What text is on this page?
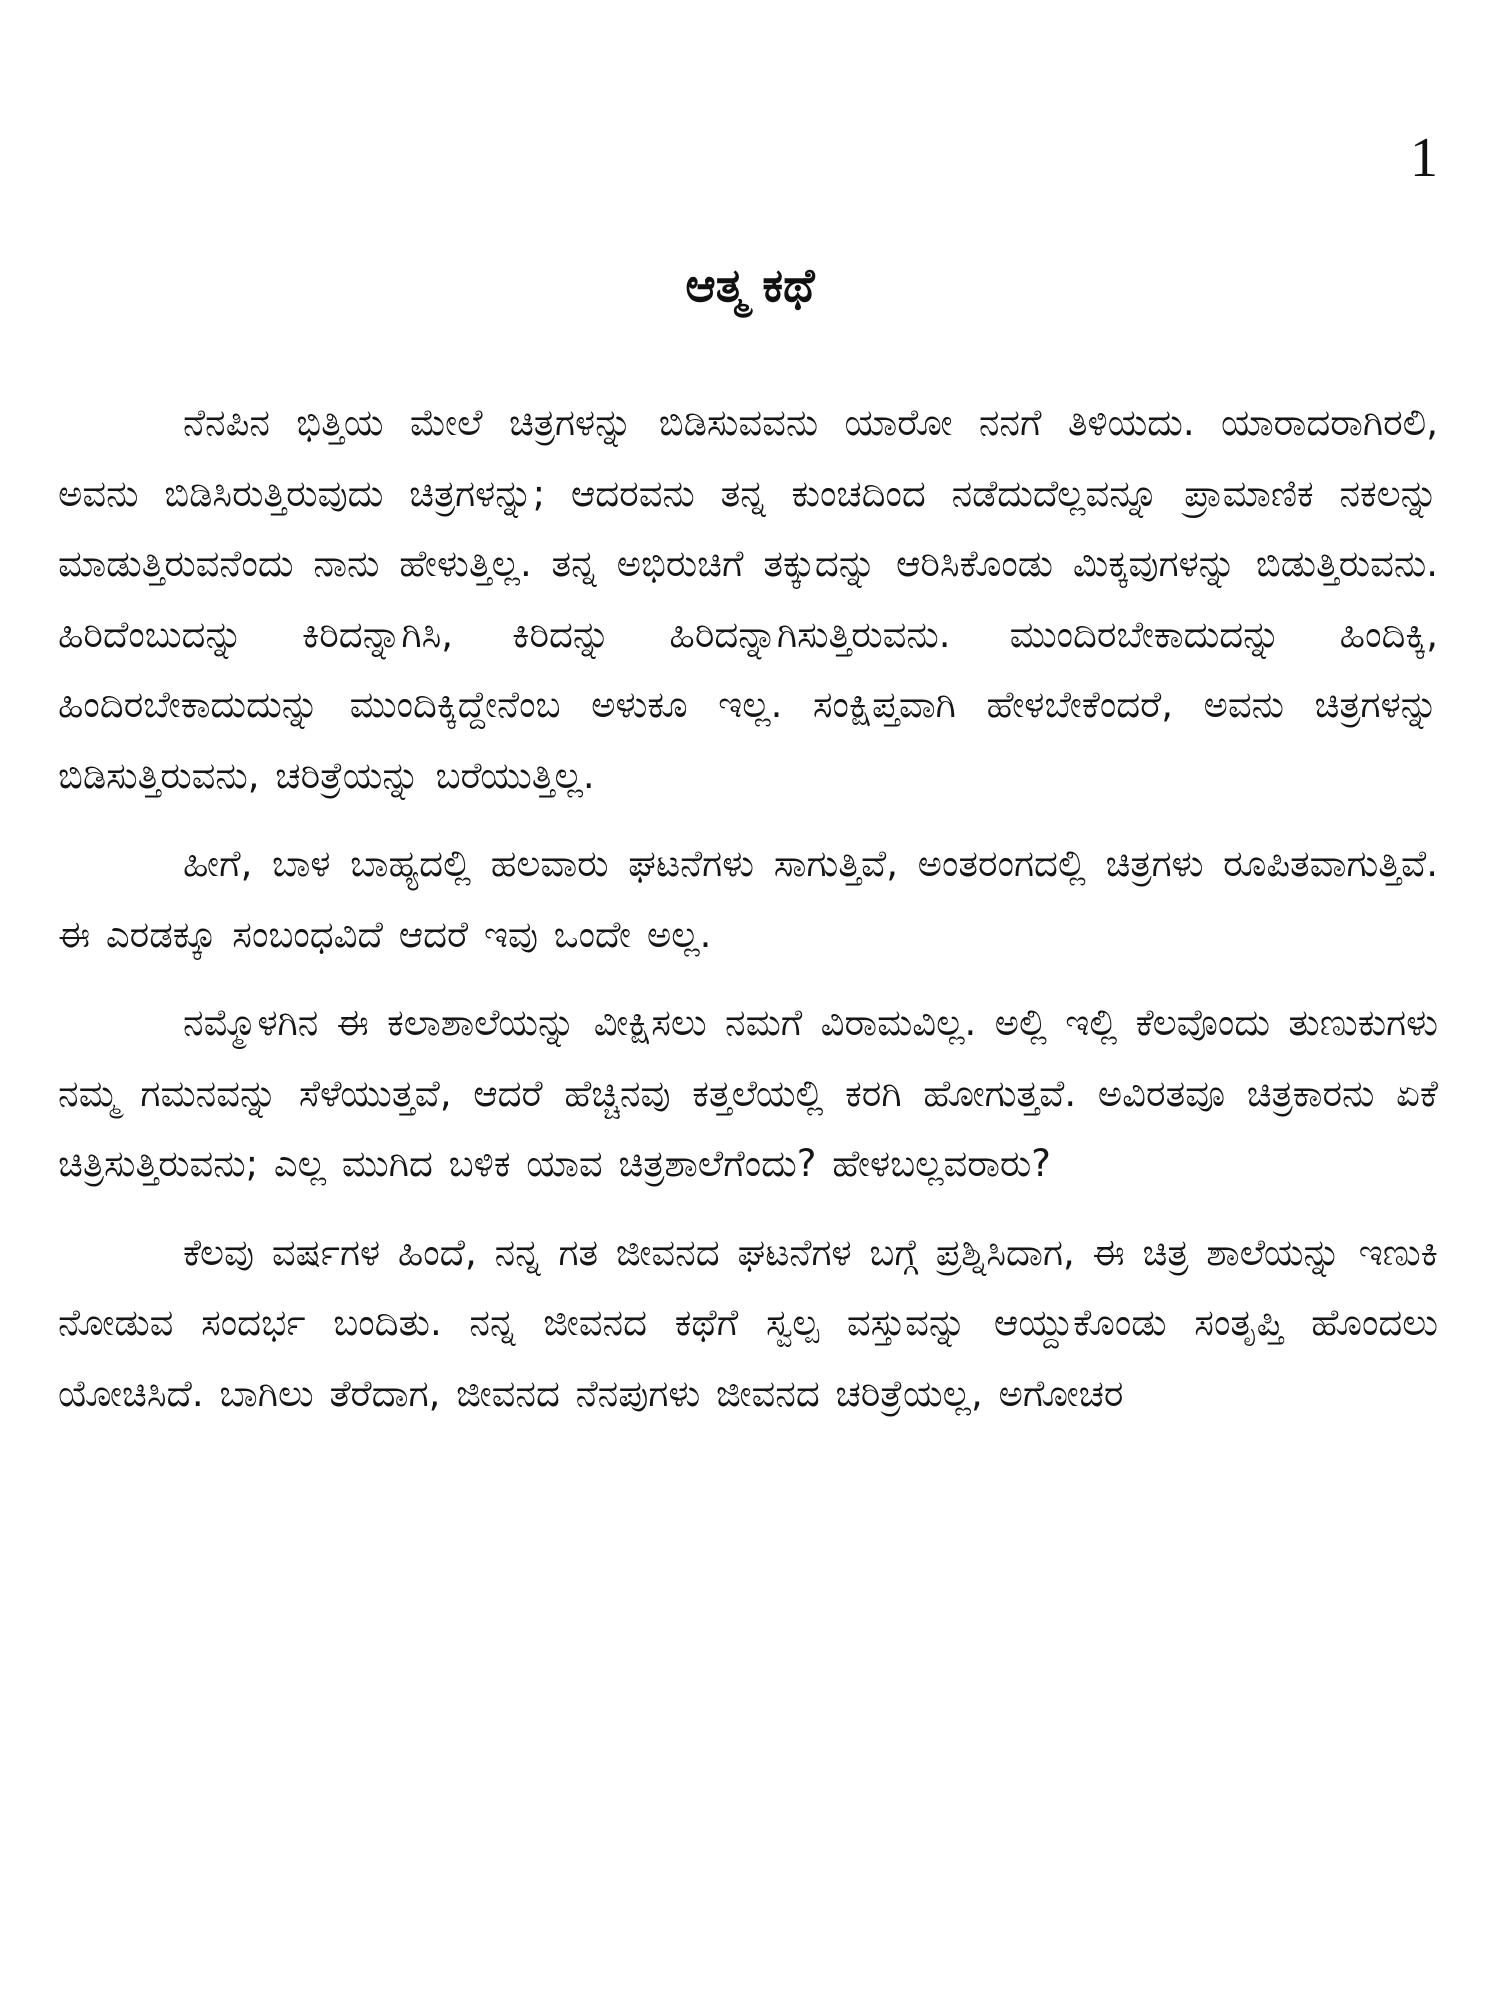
1
ಆತ್ಮ ಕಥೆ

ನೆನಪಿನ ಭಿತ್ತಿಯ ಮೇಲೆ ಚಿತ್ರಗಳನ್ನು ಬಿಡಿಸುವವನು ಯಾರೋ ನನಗೆ ತಿಳಿಯದು. ಯಾರಾದರಾಗಿರಲಿ, ಅವನು ಬಿಡಿಸಿರುತ್ತಿರುವುದು ಚಿತ್ರಗಳನ್ನು; ಆದರವನು ತನ್ನ ಕುಂಚದಿಂದ ನಡೆದುದೆಲ್ಲವನ್ನೂ ಪ್ರಾಮಾಣಿಕ ನಕಲನ್ನು ಮಾಡುತ್ತಿರುವನೆಂದು ನಾನು ಹೇಳುತ್ತಿಲ್ಲ. ತನ್ನ ಅಭಿರುಚಿಗೆ ತಕ್ಕುದನ್ನು ಆರಿಸಿಕೊಂಡು ಮಿಕ್ಕವುಗಳನ್ನು ಬಿಡುತ್ತಿರುವನು. ಹಿರಿದೆಂಬುದನ್ನು ಕಿರಿದನ್ನಾಗಿಸಿ, ಕಿರಿದನ್ನು ಹಿರಿದನ್ನಾಗಿಸುತ್ತಿರುವನು. ಮುಂದಿರಬೇಕಾದುದನ್ನು ಹಿಂದಿಕ್ಕಿ, ಹಿಂದಿರಬೇಕಾದುದುನ್ನು ಮುಂದಿಕ್ಕಿದ್ದೇನೆಂಬ ಅಳುಕೂ ಇಲ್ಲ. ಸಂಕ್ಷಿಪ್ತವಾಗಿ ಹೇಳಬೇಕೆಂದರೆ, ಅವನು ಚಿತ್ರಗಳನ್ನು ಬಿಡಿಸುತ್ತಿರುವನು, ಚರಿತ್ರೆಯನ್ನು ಬರೆಯುತ್ತಿಲ್ಲ.

ಹೀಗೆ, ಬಾಳ ಬಾಹ್ಯದಲ್ಲಿ ಹಲವಾರು ಘಟನೆಗಳು ಸಾಗುತ್ತಿವೆ, ಅಂತರಂಗದಲ್ಲಿ ಚಿತ್ರಗಳು ರೂಪಿತವಾಗುತ್ತಿವೆ. ಈ ಎರಡಕ್ಕೂ ಸಂಬಂಧವಿದೆ ಆದರೆ ಇವು ಒಂದೇ ಅಲ್ಲ.

ನಮ್ಮೊಳಗಿನ ಈ ಕಲಾಶಾಲೆಯನ್ನು ವೀಕ್ಷಿಸಲು ನಮಗೆ ವಿರಾಮವಿಲ್ಲ. ಅಲ್ಲಿ ಇಲ್ಲಿ ಕೆಲವೊಂದು ತುಣುಕುಗಳು ನಮ್ಮ ಗಮನವನ್ನು ಸೆಳೆಯುತ್ತವೆ, ಆದರೆ ಹೆಚ್ಚಿನವು ಕತ್ತಲೆಯಲ್ಲಿ ಕರಗಿ ಹೋಗುತ್ತವೆ. ಅವಿರತವೂ ಚಿತ್ರಕಾರನು ಏಕೆ ಚಿತ್ರಿಸುತ್ತಿರುವನು; ಎಲ್ಲ ಮುಗಿದ ಬಳಿಕ ಯಾವ ಚಿತ್ರಶಾಲೆಗೆಂದು? ಹೇಳಬಲ್ಲವರಾರು?

ಕೆಲವು ವರ್ಷಗಳ ಹಿಂದೆ, ನನ್ನ ಗತ ಜೀವನದ ಘಟನೆಗಳ ಬಗ್ಗೆ ಪ್ರಶ್ನಿಸಿದಾಗ, ಈ ಚಿತ್ರ ಶಾಲೆಯನ್ನು ಇಣುಕಿ ನೋಡುವ ಸಂದರ್ಭ ಬಂದಿತು. ನನ್ನ ಜೀವನದ ಕಥೆಗೆ ಸ್ವಲ್ಪ ವಸ್ತುವನ್ನು ಆಯ್ದುಕೊಂಡು ಸಂತೃಪ್ತಿ ಹೊಂದಲು ಯೋಚಿಸಿದೆ. ಬಾಗಿಲು ತೆರೆದಾಗ, ಜೀವನದ ನೆನಪುಗಳು ಜೀವನದ ಚರಿತ್ರೆಯಲ್ಲ, ಅಗೋಚರ
